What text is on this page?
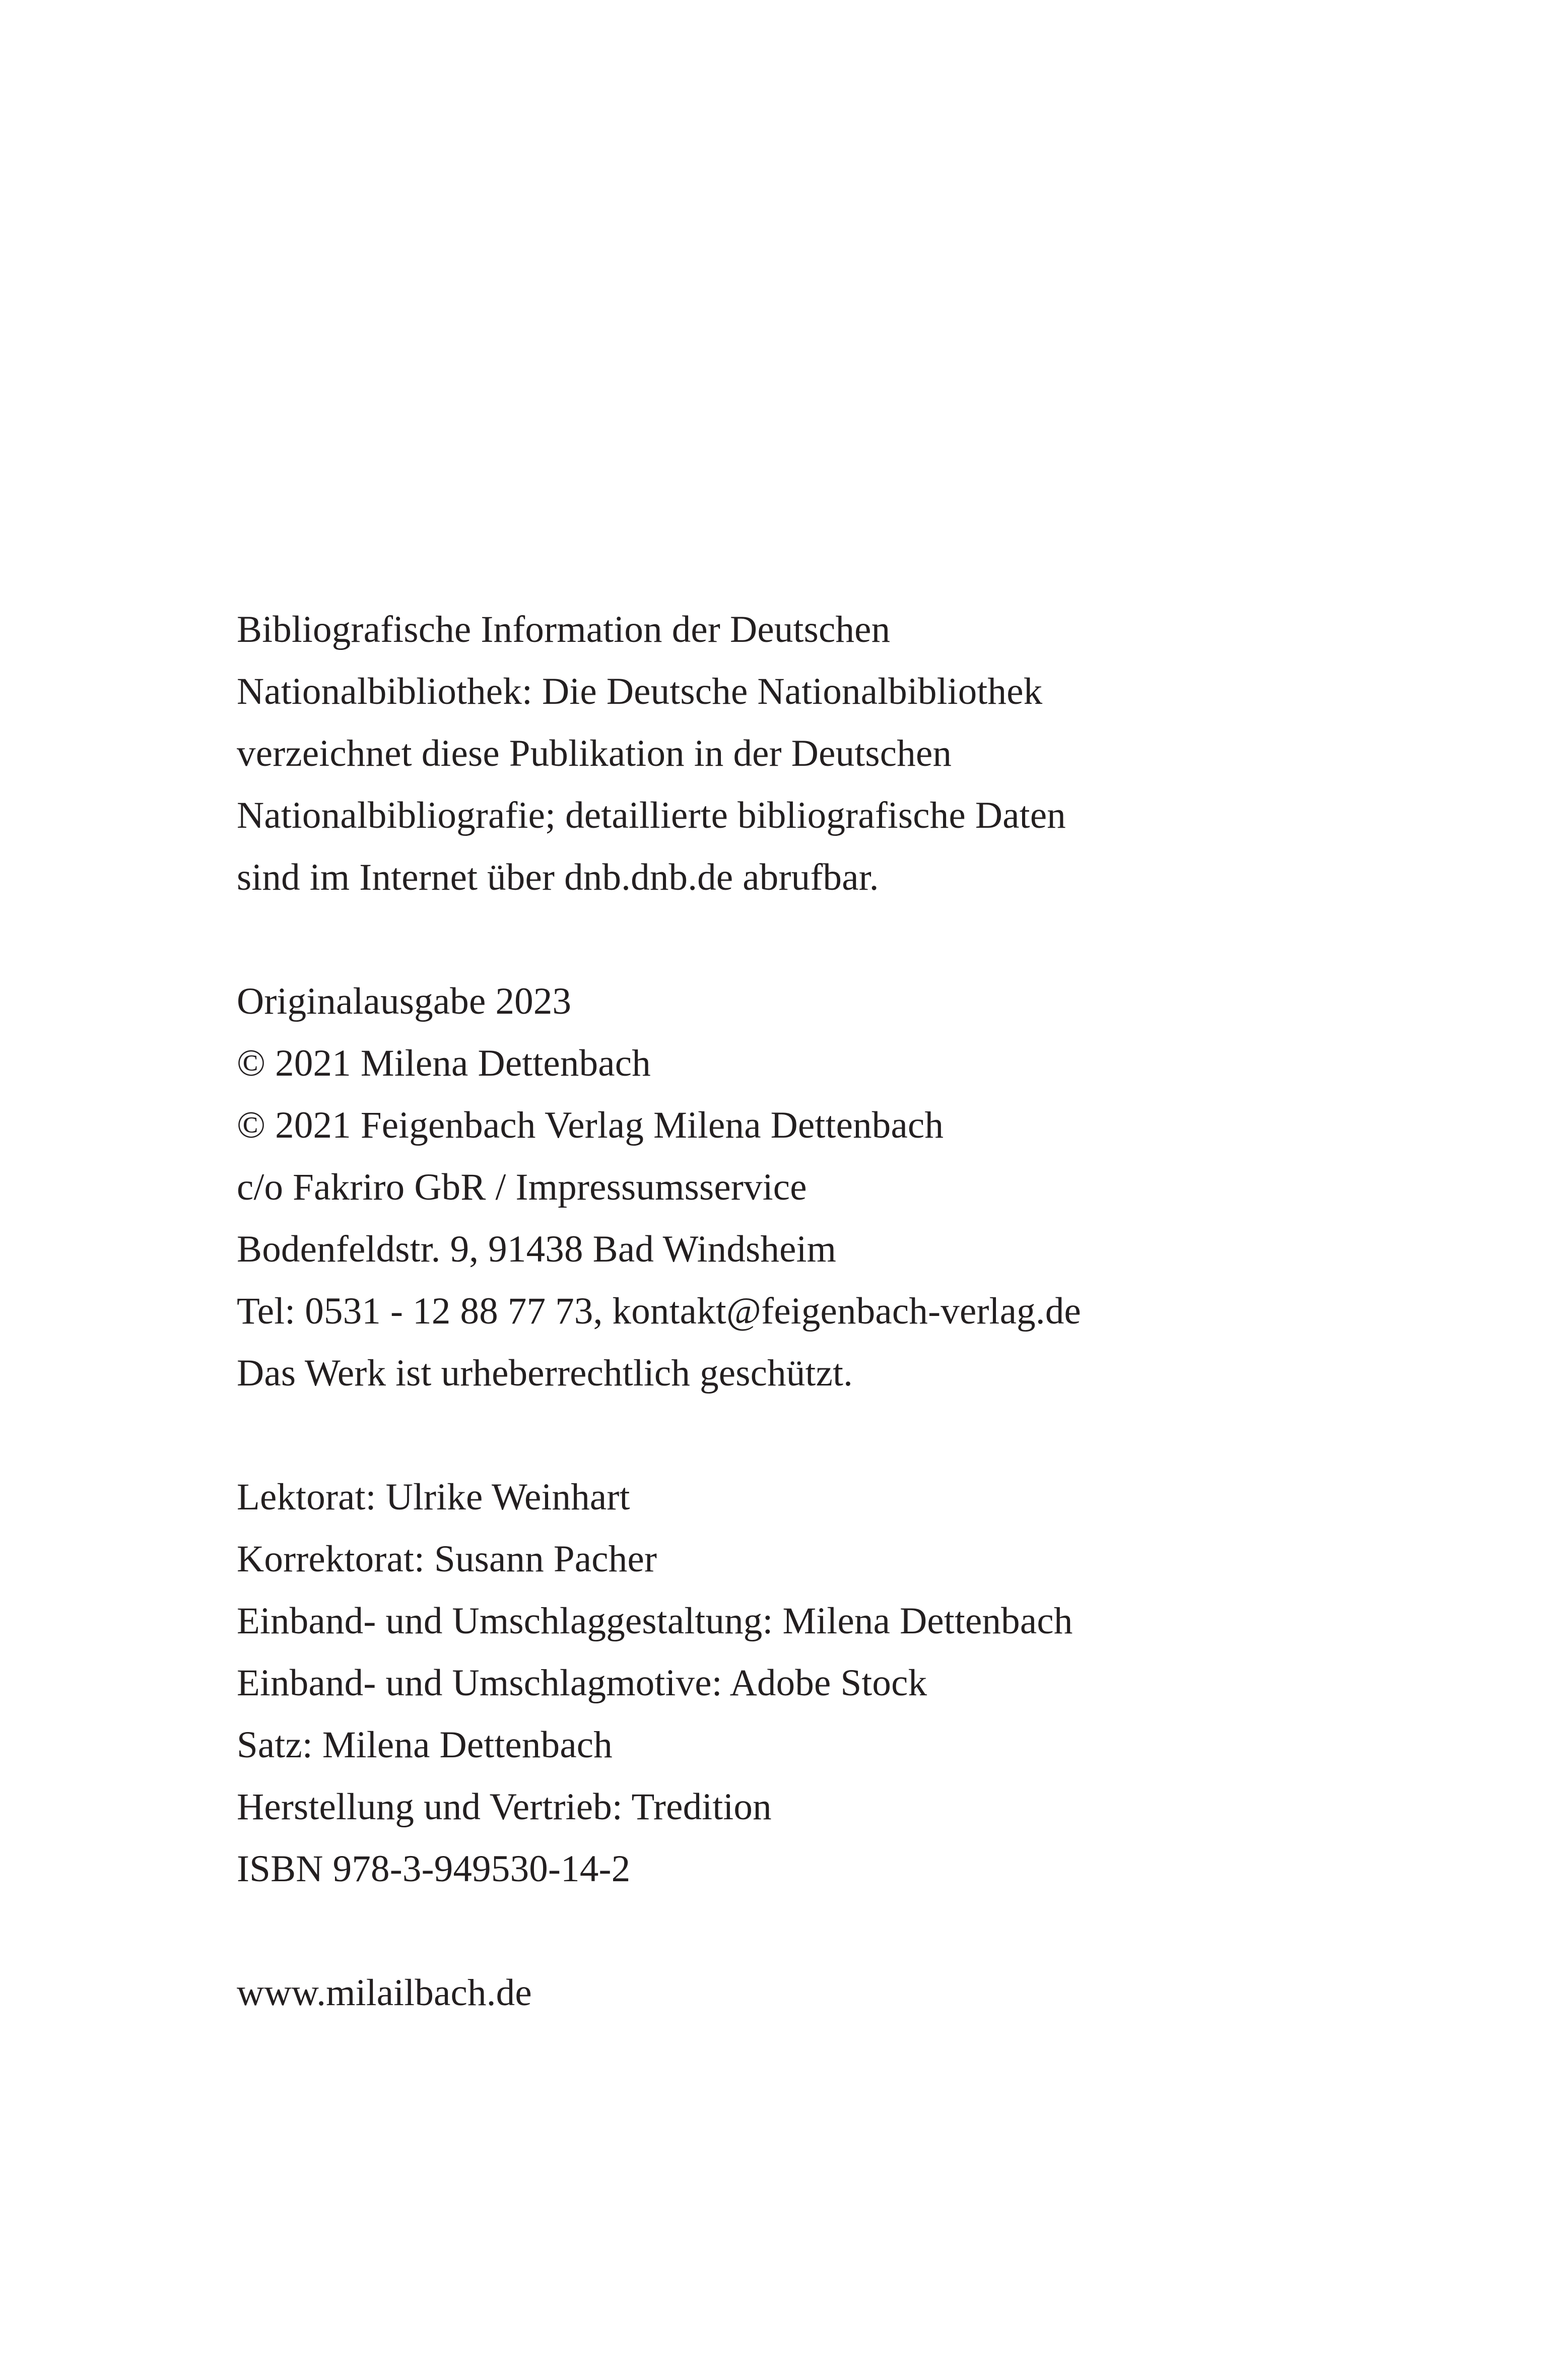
Bibliografische Information der Deutschen
Nationalbibliothek: Die Deutsche Nationalbibliothek
verzeichnet diese Publikation in der Deutschen
Nationalbibliografie; detaillierte bibliografische Daten
sind im Internet über dnb.dnb.de abrufbar.
Originalausgabe 2023
© 2021 Milena Dettenbach
© 2021 Feigenbach Verlag Milena Dettenbach
c/o Fakriro GbR / Impressumsservice
Bodenfeldstr. 9, 91438 Bad Windsheim
Tel: 0531 - 12 88 77 73, kontakt@feigenbach-verlag.de
Das Werk ist urheberrechtlich geschützt.
Lektorat: Ulrike Weinhart
Korrektorat: Susann Pacher
Einband- und Umschlaggestaltung: Milena Dettenbach
Einband- und Umschlagmotive: Adobe Stock
Satz: Milena Dettenbach
Herstellung und Vertrieb: Tredition
ISBN 978-3-949530-14-2
www.milailbach.de
